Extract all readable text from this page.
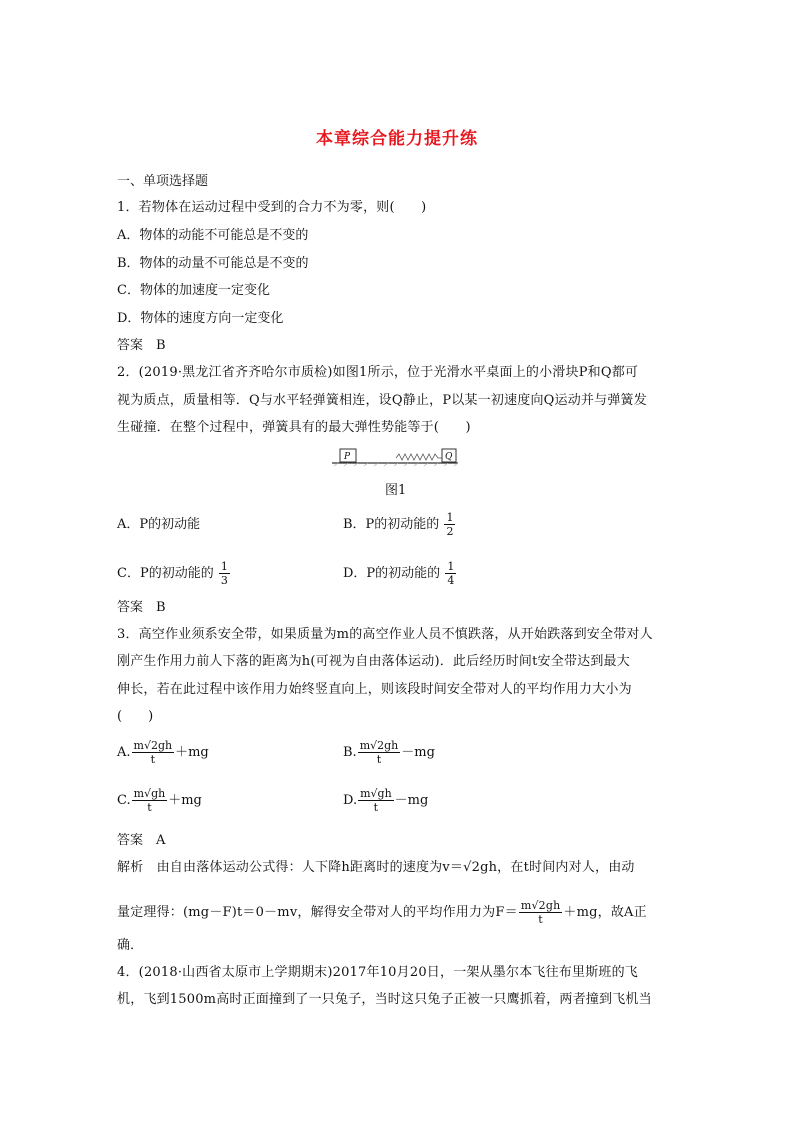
本章综合能力提升练
一、单项选择题
1．若物体在运动过程中受到的合力不为零，则(　　)
A．物体的动能不可能总是不变的
B．物体的动量不可能总是不变的
C．物体的加速度一定变化
D．物体的速度方向一定变化
答案　B
2．(2019·黑龙江省齐齐哈尔市质检)如图1所示，位于光滑水平桌面上的小滑块P和Q都可
视为质点，质量相等．Q与水平轻弹簧相连，设Q静止，P以某一初速度向Q运动并与弹簧发
生碰撞．在整个过程中，弹簧具有的最大弹性势能等于(　　)
P	Q
图1
A．P的初动能	B．P的初动能的 $\frac{1}{2}$
C．P的初动能的 $\frac{1}{3}$	D．P的初动能的 $\frac{1}{4}$
答案　B
3．高空作业须系安全带，如果质量为m的高空作业人员不慎跌落，从开始跌落到安全带对人
刚产生作用力前人下落的距离为h(可视为自由落体运动)．此后经历时间t安全带达到最大
伸长，若在此过程中该作用力始终竖直向上，则该段时间安全带对人的平均作用力大小为
(　　)
A. $\frac{m√2gh}{t} +mg$	B. $\frac{m√2gh}{t} -mg$
C. $\frac{m√gh}{t} +mg$	D. $\frac{m√gh}{t} -mg$
答案　A
解析　由自由落体运动公式得：人下降h距离时的速度为v＝√2gh，在t时间内对人，由动
量定理得：(mg－F)t＝0－mv，解得安全带对人的平均作用力为$F= \frac{m√2gh}{t} +mg$，故A正
确．
4．(2018·山西省太原市上学期期末)2017年10月20日，一架从墨尔本飞往布里斯班的飞
机，飞到1500m高时正面撞到了一只兔子，当时这只兔子正被一只鹰抓着，两者撞到飞机当
